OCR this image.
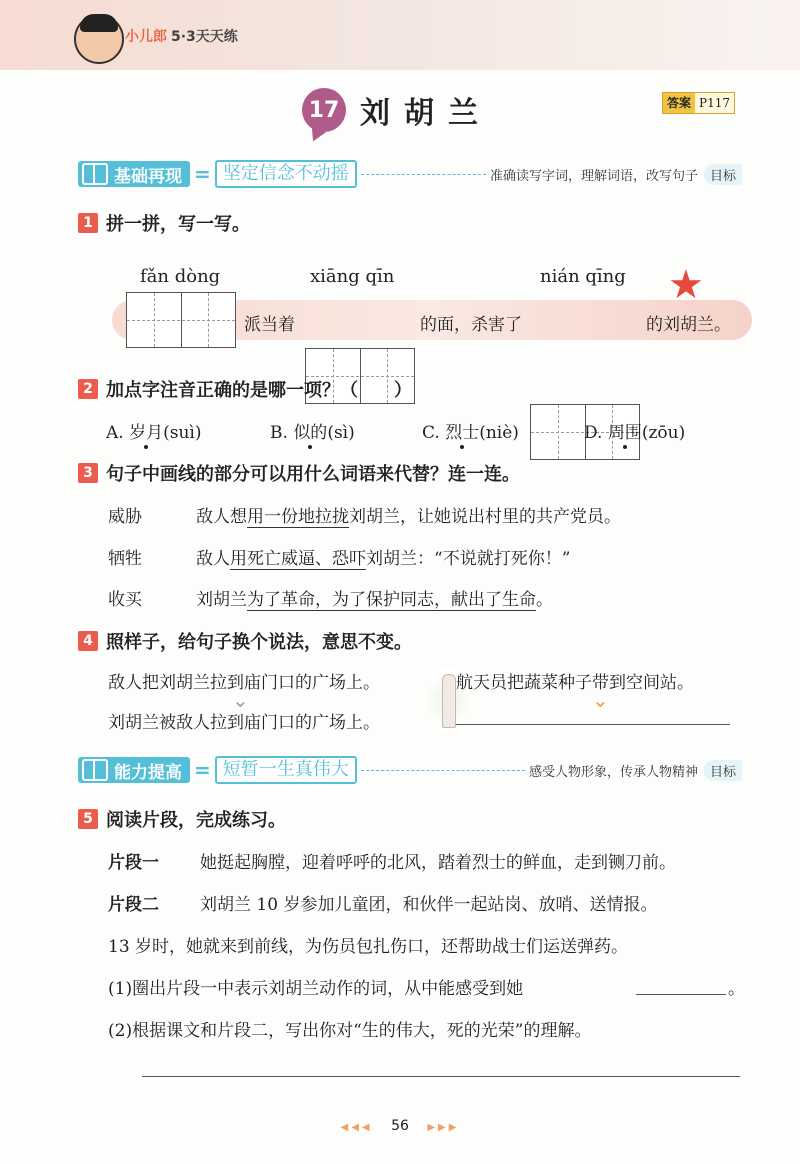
小儿郎 5·3天天练
17 刘胡兰	答案 P117
基础再现 = 坚定信念不动摇	准确读写字词，理解词语，改写句子 目标
1 拼一拼，写一写。
★
fǎn dòng
派当着
xiāng qīn
的面，杀害了
nián qīng
的刘胡兰。
2 加点字注音正确的是哪一项？（　　）
A. 岁月(suì)	B. 似的(sì)	C. 烈士(niè)	D. 周围(zōu)
3 句子中画线的部分可以用什么词语来代替？连一连。
威胁	敌人想用一份地拉拢刘胡兰，让她说出村里的共产党员。
牺牲	敌人用死亡威逼、恐吓刘胡兰：“不说就打死你！”
收买	刘胡兰为了革命，为了保护同志，献出了生命。
4 照样子，给句子换个说法，意思不变。
敌人把刘胡兰拉到庙门口的广场上。
⌄
刘胡兰被敌人拉到庙门口的广场上。
航天员把蔬菜种子带到空间站。
⌄
能力提高 = 短暂一生真伟大	感受人物形象，传承人物精神 目标
5 阅读片段，完成练习。
片段一 她挺起胸膛，迎着呼呼的北风，踏着烈士的鲜血，走到铡刀前。
片段二 刘胡兰 10 岁参加儿童团，和伙伴一起站岗、放哨、送情报。
13 岁时，她就来到前线，为伤员包扎伤口，还帮助战士们运送弹药。
(1)圈出片段一中表示刘胡兰动作的词，从中能感受到她	。
(2)根据课文和片段二，写出你对“生的伟大，死的光荣”的理解。
◀◀◀ 56 ▶▶▶
